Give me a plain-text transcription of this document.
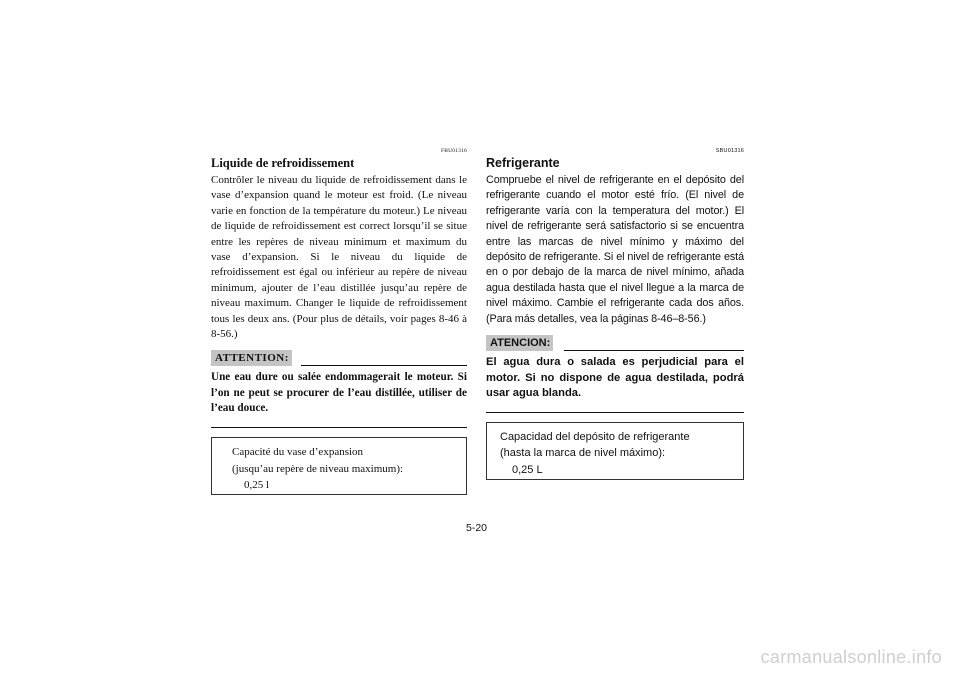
FBU01316
Liquide de refroidissement
Contrôler le niveau du liquide de refroidissement dans le vase d’expansion quand le moteur est froid. (Le niveau varie en fonction de la température du moteur.) Le niveau de liquide de refroidissement est correct lorsqu’il se situe entre les repères de niveau minimum et maximum du vase d’expansion. Si le niveau du liquide de refroidissement est égal ou inférieur au repère de niveau minimum, ajouter de l’eau distillée jusqu’au repère de niveau maximum. Changer le liquide de refroidissement tous les deux ans. (Pour plus de détails, voir pages 8-46 à 8-56.)
ATTENTION:
Une eau dure ou salée endommagerait le moteur. Si l’on ne peut se procurer de l’eau distillée, utiliser de l’eau douce.
Capacité du vase d’expansion
(jusqu’au repère de niveau maximum):

0,25 l
SBU01316
Refrigerante
Compruebe el nivel de refrigerante en el depósito del refrigerante cuando el motor esté frío. (El nivel de refrigerante varía con la temperatura del motor.) El nivel de refrigerante será satisfactorio si se encuentra entre las marcas de nivel mínimo y máximo del depósito de refrigerante. Si el nivel de refrigerante está en o por debajo de la marca de nivel mínimo, añada agua destilada hasta que el nivel llegue a la marca de nivel máximo. Cambie el refrigerante cada dos años. (Para más detalles, vea la páginas 8-46–8-56.)
ATENCION:
El agua dura o salada es perjudicial para el motor. Si no dispone de agua destilada, podrá usar agua blanda.
Capacidad del depósito de refrigerante
(hasta la marca de nivel máximo):

0,25 L
5-20
carmanualsonline.info
